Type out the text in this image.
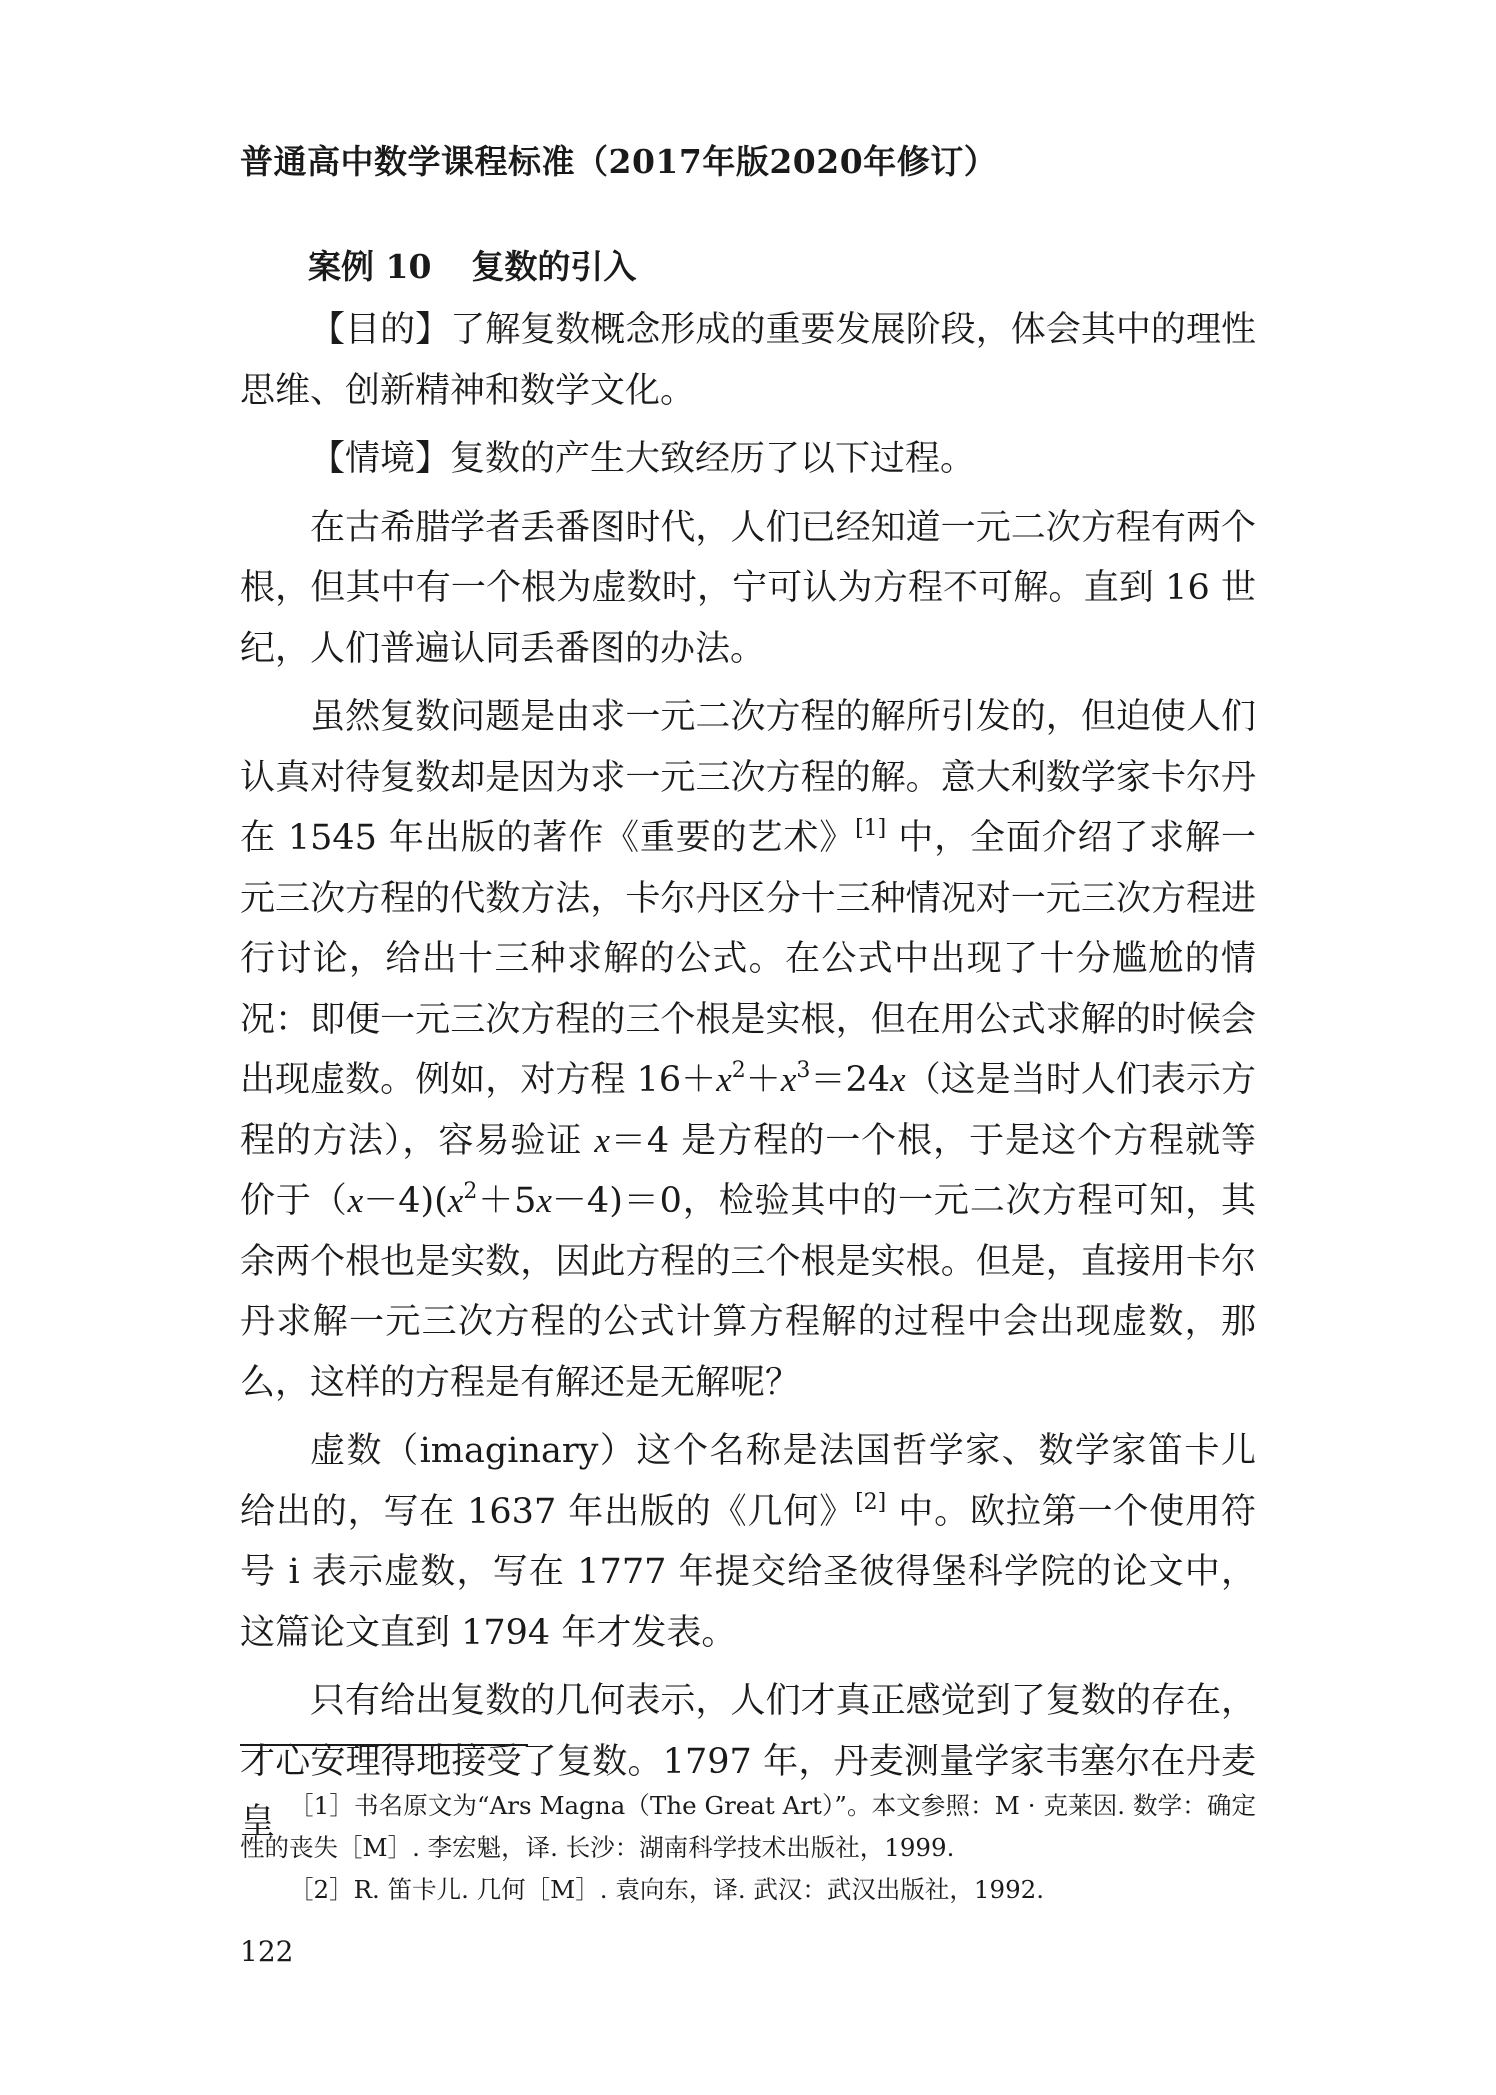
普通高中数学课程标准（2017年版2020年修订）
案例 10 复数的引入

【目的】了解复数概念形成的重要发展阶段，体会其中的理性思维、创新精神和数学文化。

【情境】复数的产生大致经历了以下过程。

在古希腊学者丢番图时代，人们已经知道一元二次方程有两个根，但其中有一个根为虚数时，宁可认为方程不可解。直到 16 世纪，人们普遍认同丢番图的办法。

虽然复数问题是由求一元二次方程的解所引发的，但迫使人们认真对待复数却是因为求一元三次方程的解。意大利数学家卡尔丹在 1545 年出版的著作《重要的艺术》[1] 中，全面介绍了求解一元三次方程的代数方法，卡尔丹区分十三种情况对一元三次方程进行讨论，给出十三种求解的公式。在公式中出现了十分尴尬的情况：即便一元三次方程的三个根是实根，但在用公式求解的时候会出现虚数。例如，对方程 $16+x^2+x^3=24x$（这是当时人们表示方程的方法），容易验证 x＝4 是方程的一个根，于是这个方程就等价于$(x-4)(x^2+5x-4)=0$，检验其中的一元二次方程可知，其余两个根也是实数，因此方程的三个根是实根。但是，直接用卡尔丹求解一元三次方程的公式计算方程解的过程中会出现虚数，那么，这样的方程是有解还是无解呢？

虚数（imaginary）这个名称是法国哲学家、数学家笛卡儿给出的，写在 1637 年出版的《几何》[2] 中。欧拉第一个使用符号 i 表示虚数，写在 1777 年提交给圣彼得堡科学院的论文中，这篇论文直到 1794 年才发表。

只有给出复数的几何表示，人们才真正感觉到了复数的存在，才心安理得地接受了复数。1797 年，丹麦测量学家韦塞尔在丹麦皇 ［1］书名原文为“Ars Magna（The Great Art）”。本文参照：M · 克莱因. 数学：确定性的丧失［M］. 李宏魁，译. 长沙：湖南科学技术出版社，1999.

［2］R. 笛卡儿. 几何［M］. 袁向东，译. 武汉：武汉出版社，1992.

122
